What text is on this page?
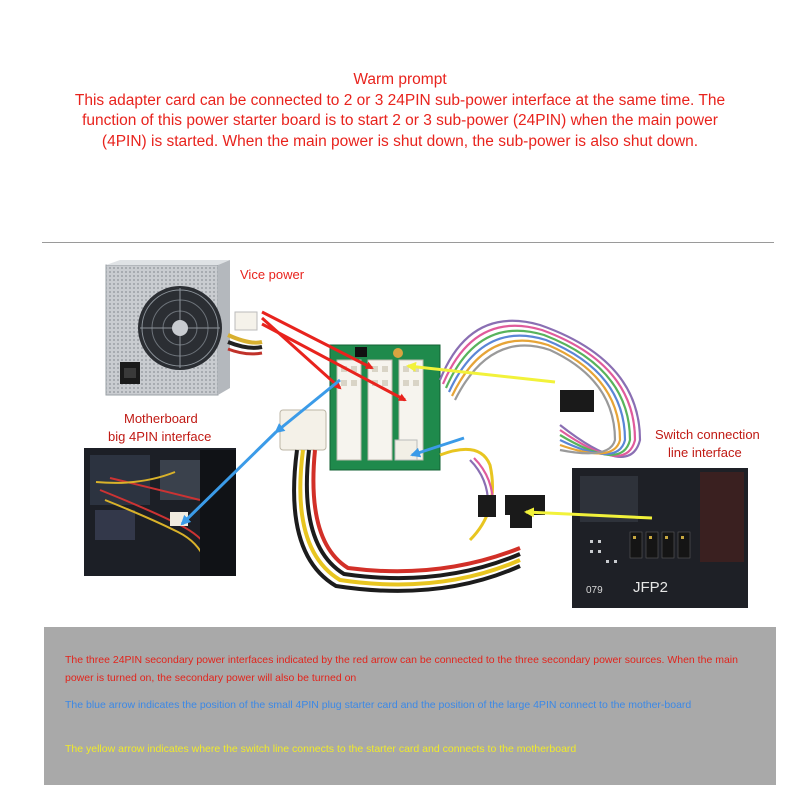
Warm prompt
This adapter card can be connected to 2 or 3 24PIN sub-power interface at the same time. The function of this power starter board is to start 2 or 3 sub-power (24PIN) when the main power (4PIN) is started. When the main power is shut down, the sub-power is also shut down.
079 JFP2
Vice power
Motherboard
big 4PIN interface	Switch connection
line interface
The three 24PIN secondary power interfaces indicated by the red arrow can be connected to the three secondary power sources. When the main power is turned on, the secondary power will also be turned on
The blue arrow indicates the position of the small 4PIN plug starter card and the position of the large 4PIN connect to the mother-board
The yellow arrow indicates where the switch line connects to the starter card and connects to the motherboard
